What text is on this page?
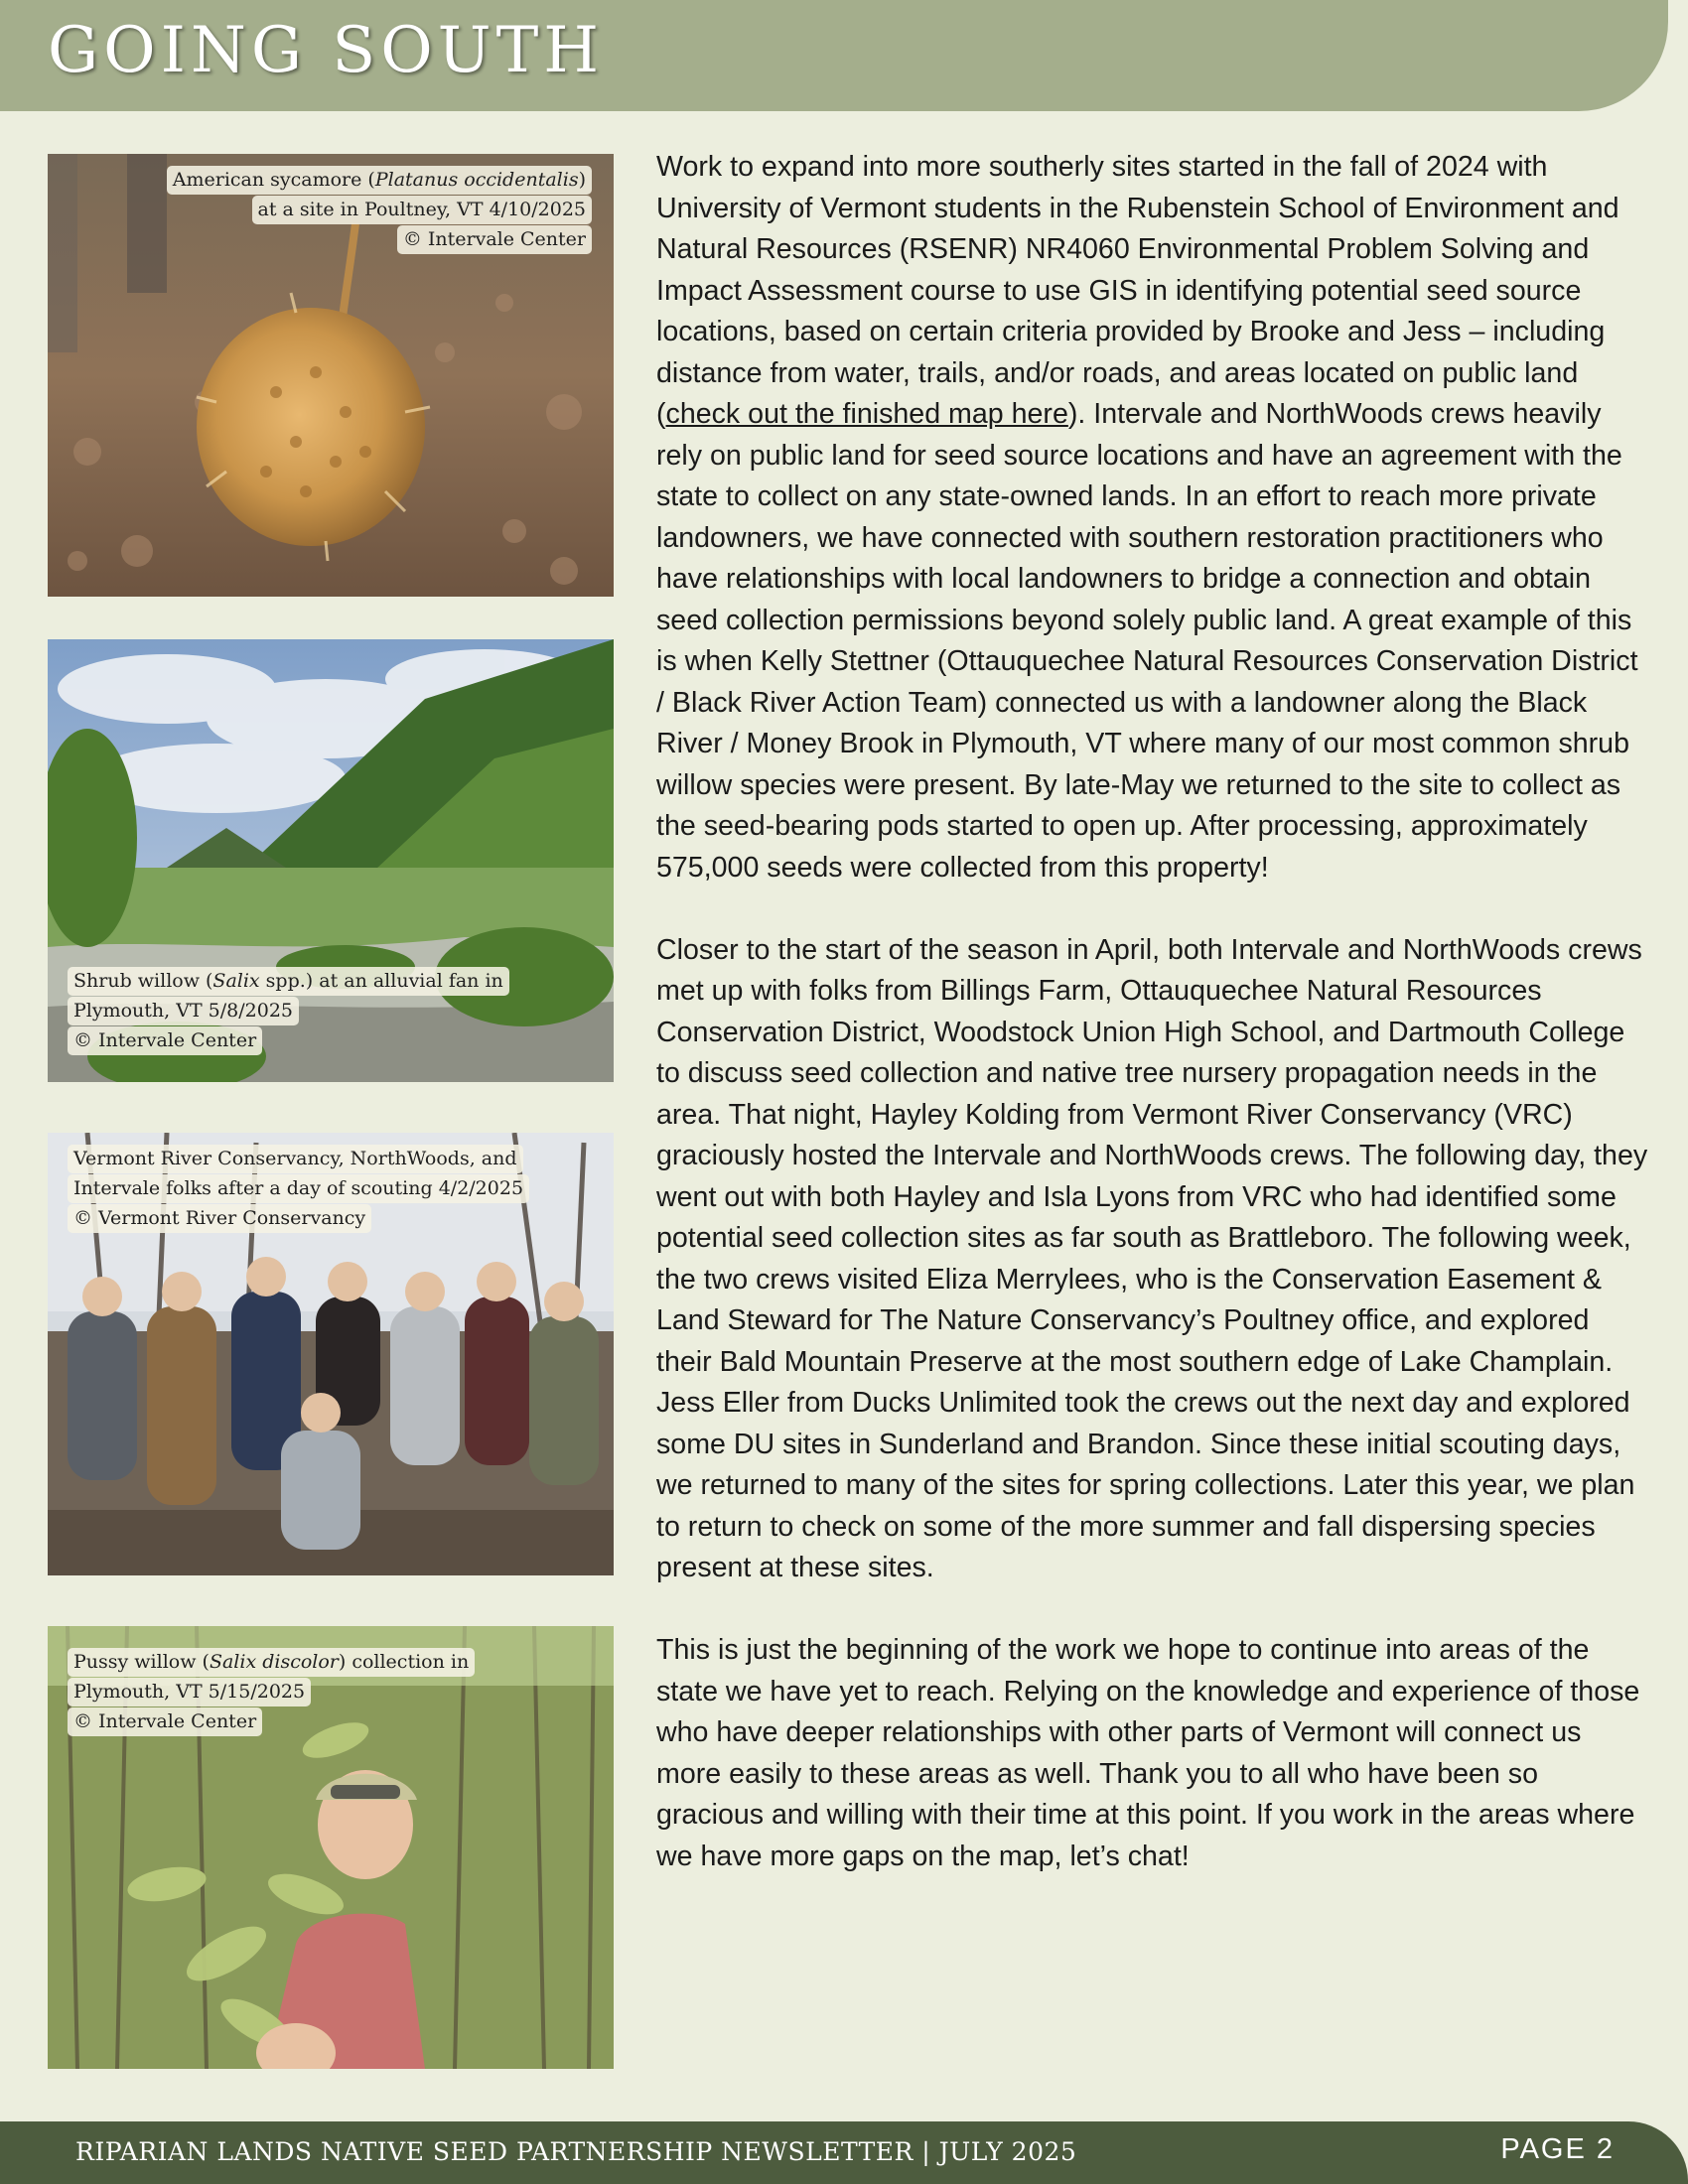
GOING SOUTH
American sycamore (Platanus occidentalis)
at a site in Poultney, VT 4/10/2025
© Intervale Center
Shrub willow (Salix spp.) at an alluvial fan in
Plymouth, VT 5/8/2025
© Intervale Center
Vermont River Conservancy, NorthWoods, and
Intervale folks after a day of scouting 4/2/2025
© Vermont River Conservancy
Pussy willow (Salix discolor) collection in
Plymouth, VT 5/15/2025
© Intervale Center

Work to expand into more southerly sites started in the fall of 2024 with University of Vermont students in the Rubenstein School of Environment and Natural Resources (RSENR) NR4060 Environmental Problem Solving and Impact Assessment course to use GIS in identifying potential seed source locations, based on certain criteria provided by Brooke and Jess – including distance from water, trails, and/or roads, and areas located on public land (check out the finished map here). Intervale and NorthWoods crews heavily rely on public land for seed source locations and have an agreement with the state to collect on any state-owned lands. In an effort to reach more private landowners, we have connected with southern restoration practitioners who have relationships with local landowners to bridge a connection and obtain seed collection permissions beyond solely public land. A great example of this is when Kelly Stettner (Ottauquechee Natural Resources Conservation District / Black River Action Team) connected us with a landowner along the Black River / Money Brook in Plymouth, VT where many of our most common shrub willow species were present. By late-May we returned to the site to collect as the seed-bearing pods started to open up. After processing, approximately 575,000 seeds were collected from this property!

Closer to the start of the season in April, both Intervale and NorthWoods crews met up with folks from Billings Farm, Ottauquechee Natural Resources Conservation District, Woodstock Union High School, and Dartmouth College to discuss seed collection and native tree nursery propagation needs in the area. That night, Hayley Kolding from Vermont River Conservancy (VRC) graciously hosted the Intervale and NorthWoods crews. The following day, they went out with both Hayley and Isla Lyons from VRC who had identified some potential seed collection sites as far south as Brattleboro. The following week, the two crews visited Eliza Merrylees, who is the Conservation Easement & Land Steward for The Nature Conservancy’s Poultney office, and explored their Bald Mountain Preserve at the most southern edge of Lake Champlain. Jess Eller from Ducks Unlimited took the crews out the next day and explored some DU sites in Sunderland and Brandon. Since these initial scouting days, we returned to many of the sites for spring collections. Later this year, we plan to return to check on some of the more summer and fall dispersing species present at these sites.

This is just the beginning of the work we hope to continue into areas of the state we have yet to reach. Relying on the knowledge and experience of those who have deeper relationships with other parts of Vermont will connect us more easily to these areas as well. Thank you to all who have been so gracious and willing with their time at this point. If you work in the areas where we have more gaps on the map, let’s chat!

RIPARIAN LANDS NATIVE SEED PARTNERSHIP NEWSLETTER | JULY 2025	PAGE 2
